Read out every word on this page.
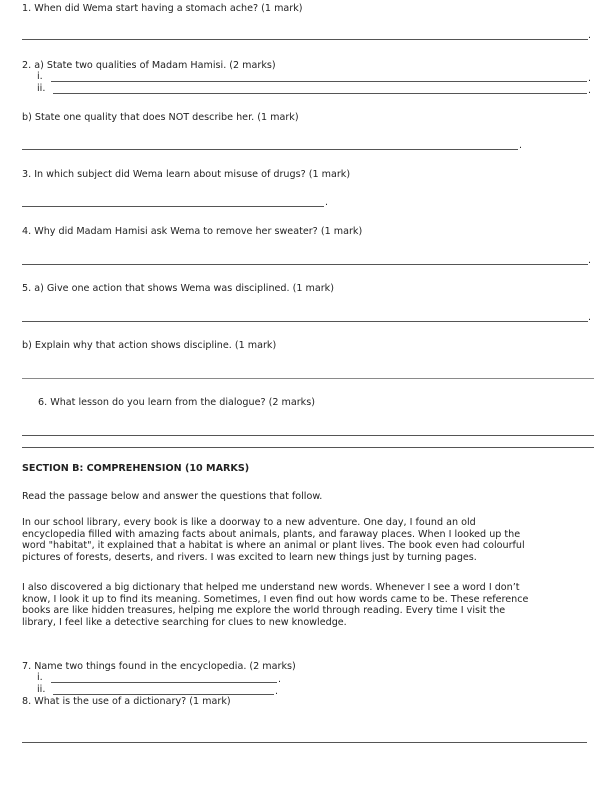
1. When did Wema start having a stomach ache? (1 mark)
.
2. a) State two qualities of Madam Hamisi. (2 marks)
i.	.
ii.	.
b) State one quality that does NOT describe her. (1 mark)
.
3. In which subject did Wema learn about misuse of drugs? (1 mark)
.
4. Why did Madam Hamisi ask Wema to remove her sweater? (1 mark)
.
5. a) Give one action that shows Wema was disciplined. (1 mark)
.
b) Explain why that action shows discipline. (1 mark)
6. What lesson do you learn from the dialogue? (2 marks)
SECTION B: COMPREHENSION (10 MARKS)
Read the passage below and answer the questions that follow.
In our school library, every book is like a doorway to a new adventure. One day, I found an old
encyclopedia filled with amazing facts about animals, plants, and faraway places. When I looked up the
word "habitat", it explained that a habitat is where an animal or plant lives. The book even had colourful
pictures of forests, deserts, and rivers. I was excited to learn new things just by turning pages.
I also discovered a big dictionary that helped me understand new words. Whenever I see a word I don’t
know, I look it up to find its meaning. Sometimes, I even find out how words came to be. These reference
books are like hidden treasures, helping me explore the world through reading. Every time I visit the
library, I feel like a detective searching for clues to new knowledge.
7. Name two things found in the encyclopedia. (2 marks)
i.	.
ii.	.
8. What is the use of a dictionary? (1 mark)
